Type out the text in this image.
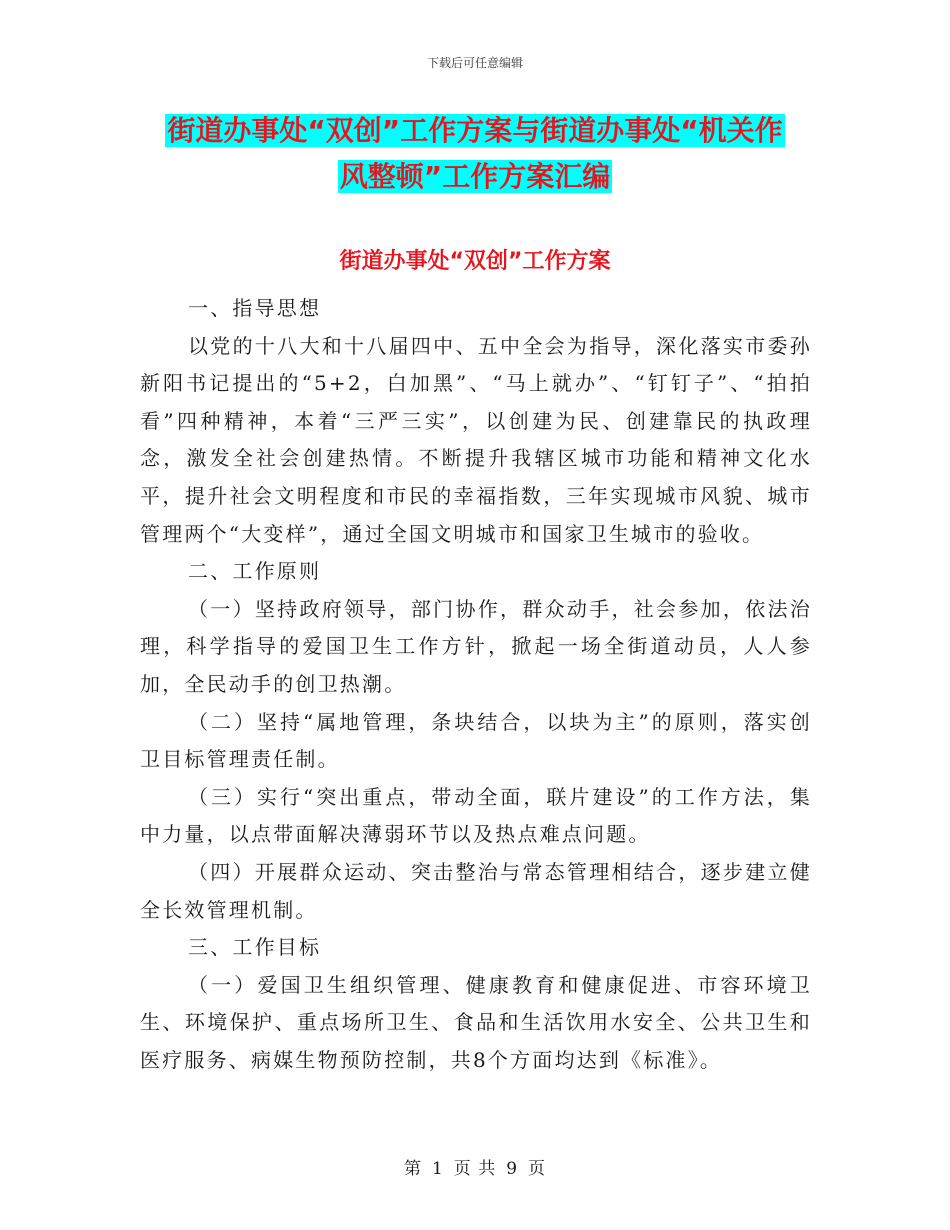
下载后可任意编辑
街道办事处“双创”工作方案与街道办事处“机关作
风整顿”工作方案汇编
街道办事处“双创”工作方案

一、指导思想

以党的十八大和十八届四中、五中全会为指导，深化落实市委孙新阳书记提出的“5+2，白加黑”、“马上就办”、“钉钉子”、“拍拍看”四种精神，本着“三严三实”，以创建为民、创建靠民的执政理念，激发全社会创建热情。不断提升我辖区城市功能和精神文化水平，提升社会文明程度和市民的幸福指数，三年实现城市风貌、城市管理两个“大变样”，通过全国文明城市和国家卫生城市的验收。

二、工作原则

（一）坚持政府领导，部门协作，群众动手，社会参加，依法治理，科学指导的爱国卫生工作方针，掀起一场全街道动员，人人参加，全民动手的创卫热潮。

（二）坚持“属地管理，条块结合，以块为主”的原则，落实创卫目标管理责任制。

（三）实行“突出重点，带动全面，联片建设”的工作方法，集中力量，以点带面解决薄弱环节以及热点难点问题。

（四）开展群众运动、突击整治与常态管理相结合，逐步建立健全长效管理机制。

三、工作目标

（一）爱国卫生组织管理、健康教育和健康促进、市容环境卫生、环境保护、重点场所卫生、食品和生活饮用水安全、公共卫生和医疗服务、病媒生物预防控制，共8个方面均达到《标准》。

第 1 页 共 9 页
